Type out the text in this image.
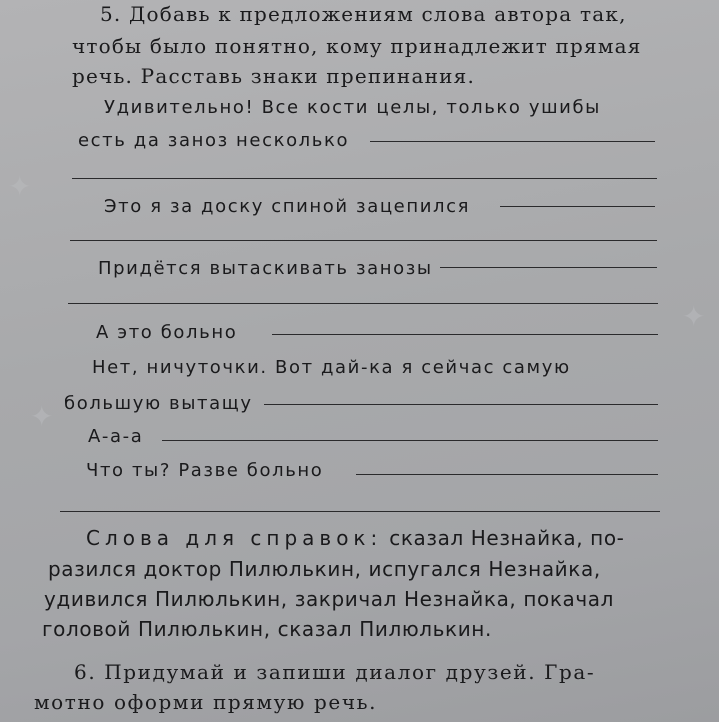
✦
✦
✦
5. Добавь к предложениям слова автора так,
чтобы было понятно, кому принадлежит прямая
речь. Расставь знаки препинания.
Удивительно! Все кости целы, только ушибы
есть да заноз несколько
Это я за доску спиной зацепился
Придётся вытаскивать занозы
А это больно
Нет, ничуточки. Вот дай-ка я сейчас самую
большую вытащу
А-а-а
Что ты? Разве больно
Слова для справок: сказал Незнайка, по-
разился доктор Пилюлькин, испугался Незнайка,
удивился Пилюлькин, закричал Незнайка, покачал
головой Пилюлькин, сказал Пилюлькин.
6. Придумай и запиши диалог друзей. Гра-
мотно оформи прямую речь.
